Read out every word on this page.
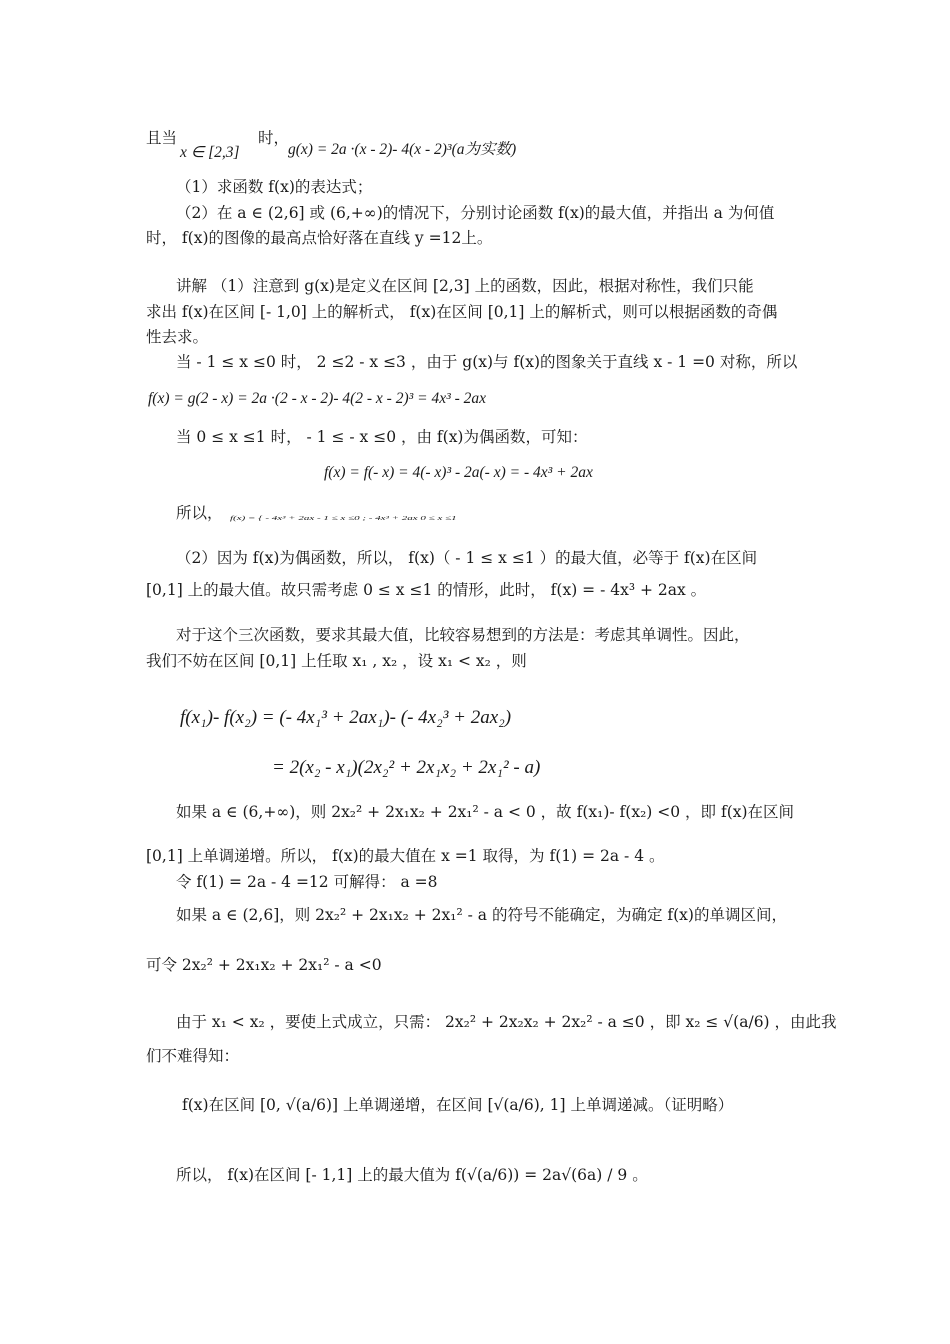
且当
x ∈ [2,3]
时，
g(x) = 2a ·(x - 2)- 4(x - 2)³(a为实数)
（1）求函数 f(x)的表达式；
（2）在 a ∈ (2,6] 或 (6,+∞)的情况下，分别讨论函数 f(x)的最大值，并指出 a 为何值
时， f(x)的图像的最高点恰好落在直线 y =12上。
讲解 （1）注意到 g(x)是定义在区间 [2,3] 上的函数，因此，根据对称性，我们只能
求出 f(x)在区间 [- 1,0] 上的解析式， f(x)在区间 [0,1] 上的解析式，则可以根据函数的奇偶
性去求。
当 - 1 ≤ x ≤0 时， 2 ≤2 - x ≤3 ，由于 g(x)与 f(x)的图象关于直线 x - 1 =0 对称，所以
f(x) = g(2 - x) = 2a ·(2 - x - 2)- 4(2 - x - 2)³ = 4x³ - 2ax
当 0 ≤ x ≤1 时， - 1 ≤ - x ≤0 ，由 f(x)为偶函数，可知：
f(x) = f(- x) = 4(- x)³ - 2a(- x) = - 4x³ + 2ax
所以， f(x) = { - 4x³ + 2ax - 1 ≤ x ≤0 ; - 4x³ + 2ax 0 ≤ x ≤1
（2）因为 f(x)为偶函数，所以， f(x)（ - 1 ≤ x ≤1 ）的最大值，必等于 f(x)在区间
[0,1] 上的最大值。故只需考虑 0 ≤ x ≤1 的情形，此时， f(x) = - 4x³ + 2ax 。
对于这个三次函数，要求其最大值，比较容易想到的方法是：考虑其单调性。因此，
我们不妨在区间 [0,1] 上任取 x₁ , x₂ ，设 x₁ < x₂ ，则
f(x₁)- f(x₂) = (- 4x₁³ + 2ax₁)- (- 4x₂³ + 2ax₂)
= 2(x₂ - x₁)(2x₂² + 2x₁x₂ + 2x₁² - a)
如果 a ∈ (6,+∞)，则 2x₂² + 2x₁x₂ + 2x₁² - a < 0 ，故 f(x₁)- f(x₂) <0 ，即 f(x)在区间
[0,1] 上单调递增。所以， f(x)的最大值在 x =1 取得，为 f(1) = 2a - 4 。
令 f(1) = 2a - 4 =12 可解得： a =8
如果 a ∈ (2,6]，则 2x₂² + 2x₁x₂ + 2x₁² - a 的符号不能确定，为确定 f(x)的单调区间，
可令 2x₂² + 2x₁x₂ + 2x₁² - a <0
由于 x₁ < x₂ ，要使上式成立，只需： 2x₂² + 2x₂x₂ + 2x₂² - a ≤0 ，即 x₂ ≤ √(a/6) ，由此我
们不难得知：
f(x)在区间 [0, √(a/6)] 上单调递增，在区间 [√(a/6), 1] 上单调递减。（证明略）
所以， f(x)在区间 [- 1,1] 上的最大值为 f(√(a/6)) = 2a√(6a) / 9 。
